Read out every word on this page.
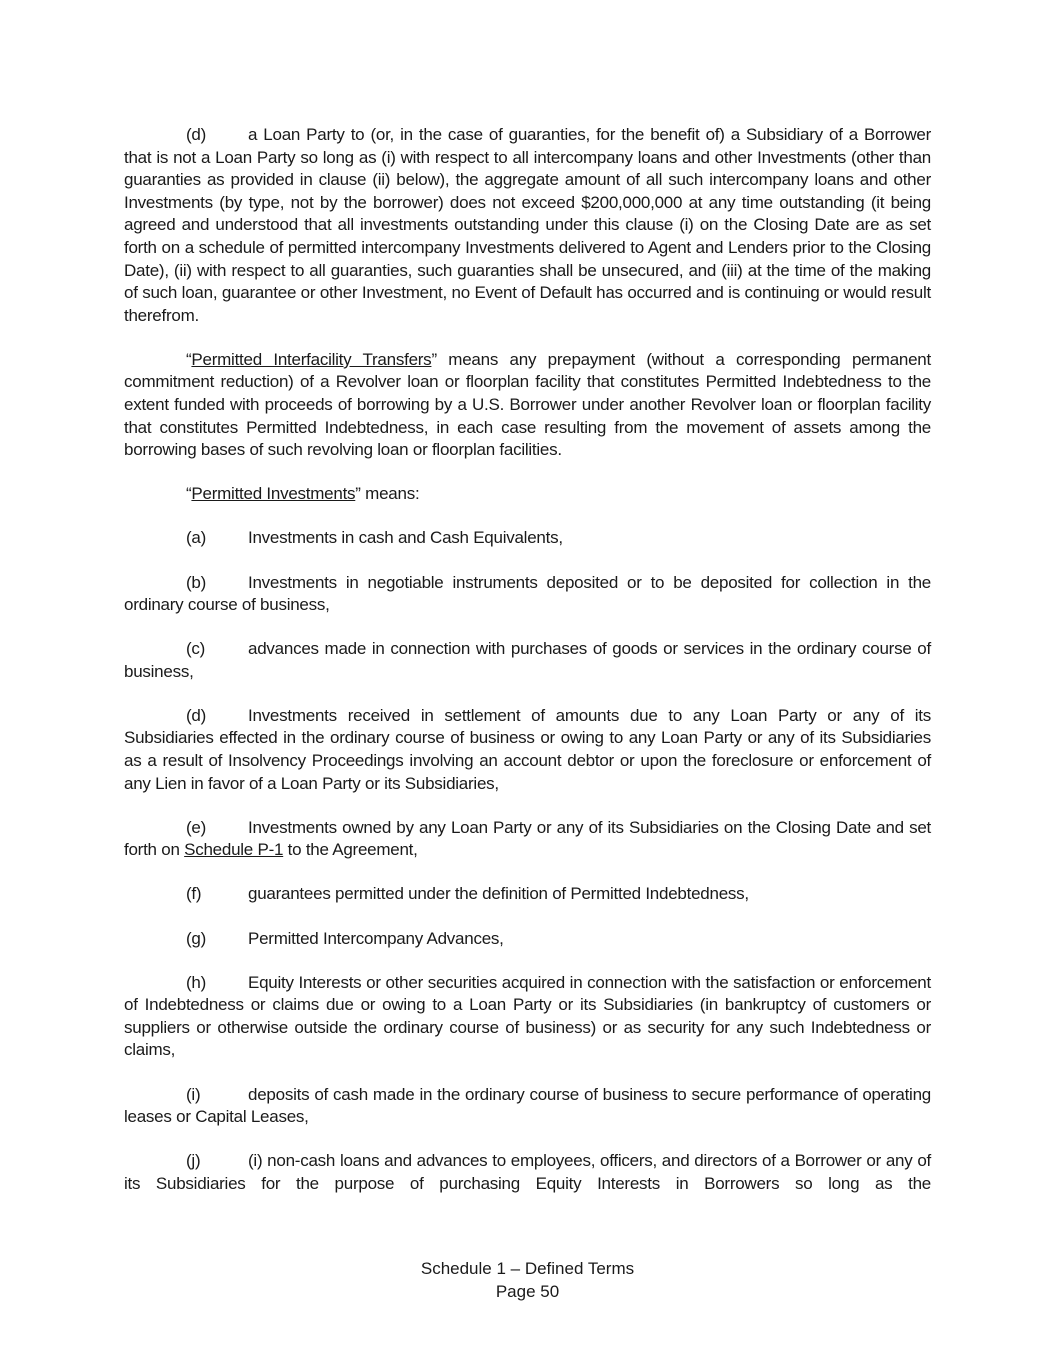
(d) a Loan Party to (or, in the case of guaranties, for the benefit of) a Subsidiary of a Borrower that is not a Loan Party so long as (i) with respect to all intercompany loans and other Investments (other than guaranties as provided in clause (ii) below), the aggregate amount of all such intercompany loans and other Investments (by type, not by the borrower) does not exceed $200,000,000 at any time outstanding (it being agreed and understood that all investments outstanding under this clause (i) on the Closing Date are as set forth on a schedule of permitted intercompany Investments delivered to Agent and Lenders prior to the Closing Date), (ii) with respect to all guaranties, such guaranties shall be unsecured, and (iii) at the time of the making of such loan, guarantee or other Investment, no Event of Default has occurred and is continuing or would result therefrom.

“Permitted Interfacility Transfers” means any prepayment (without a corresponding permanent commitment reduction) of a Revolver loan or floorplan facility that constitutes Permitted Indebtedness to the extent funded with proceeds of borrowing by a U.S. Borrower under another Revolver loan or floorplan facility that constitutes Permitted Indebtedness, in each case resulting from the movement of assets among the borrowing bases of such revolving loan or floorplan facilities.

“Permitted Investments” means:

(a) Investments in cash and Cash Equivalents,

(b) Investments in negotiable instruments deposited or to be deposited for collection in the ordinary course of business,

(c)	advances made in connection with purchases of goods or services in the ordinary course of business,

(d) Investments received in settlement of amounts due to any Loan Party or any of its Subsidiaries effected in the ordinary course of business or owing to any Loan Party or any of its Subsidiaries as a result of Insolvency Proceedings involving an account debtor or upon the foreclosure or enforcement of any Lien in favor of a Loan Party or its Subsidiaries,

(e) Investments owned by any Loan Party or any of its Subsidiaries on the Closing Date and set forth on Schedule P-1 to the Agreement,

(f)	guarantees permitted under the definition of Permitted Indebtedness,

(g) Permitted Intercompany Advances,

(h) Equity Interests or other securities acquired in connection with the satisfaction or enforcement of Indebtedness or claims due or owing to a Loan Party or its Subsidiaries (in bankruptcy of customers or suppliers or otherwise outside the ordinary course of business) or as security for any such Indebtedness or claims,

(i)	deposits of cash made in the ordinary course of business to secure performance of operating leases or Capital Leases,

(j)	(i) non-cash loans and advances to employees, officers, and directors of a Borrower or any of its Subsidiaries for the purpose of purchasing Equity Interests in Borrowers so long as the

Schedule 1 – Defined Terms
Page 50
